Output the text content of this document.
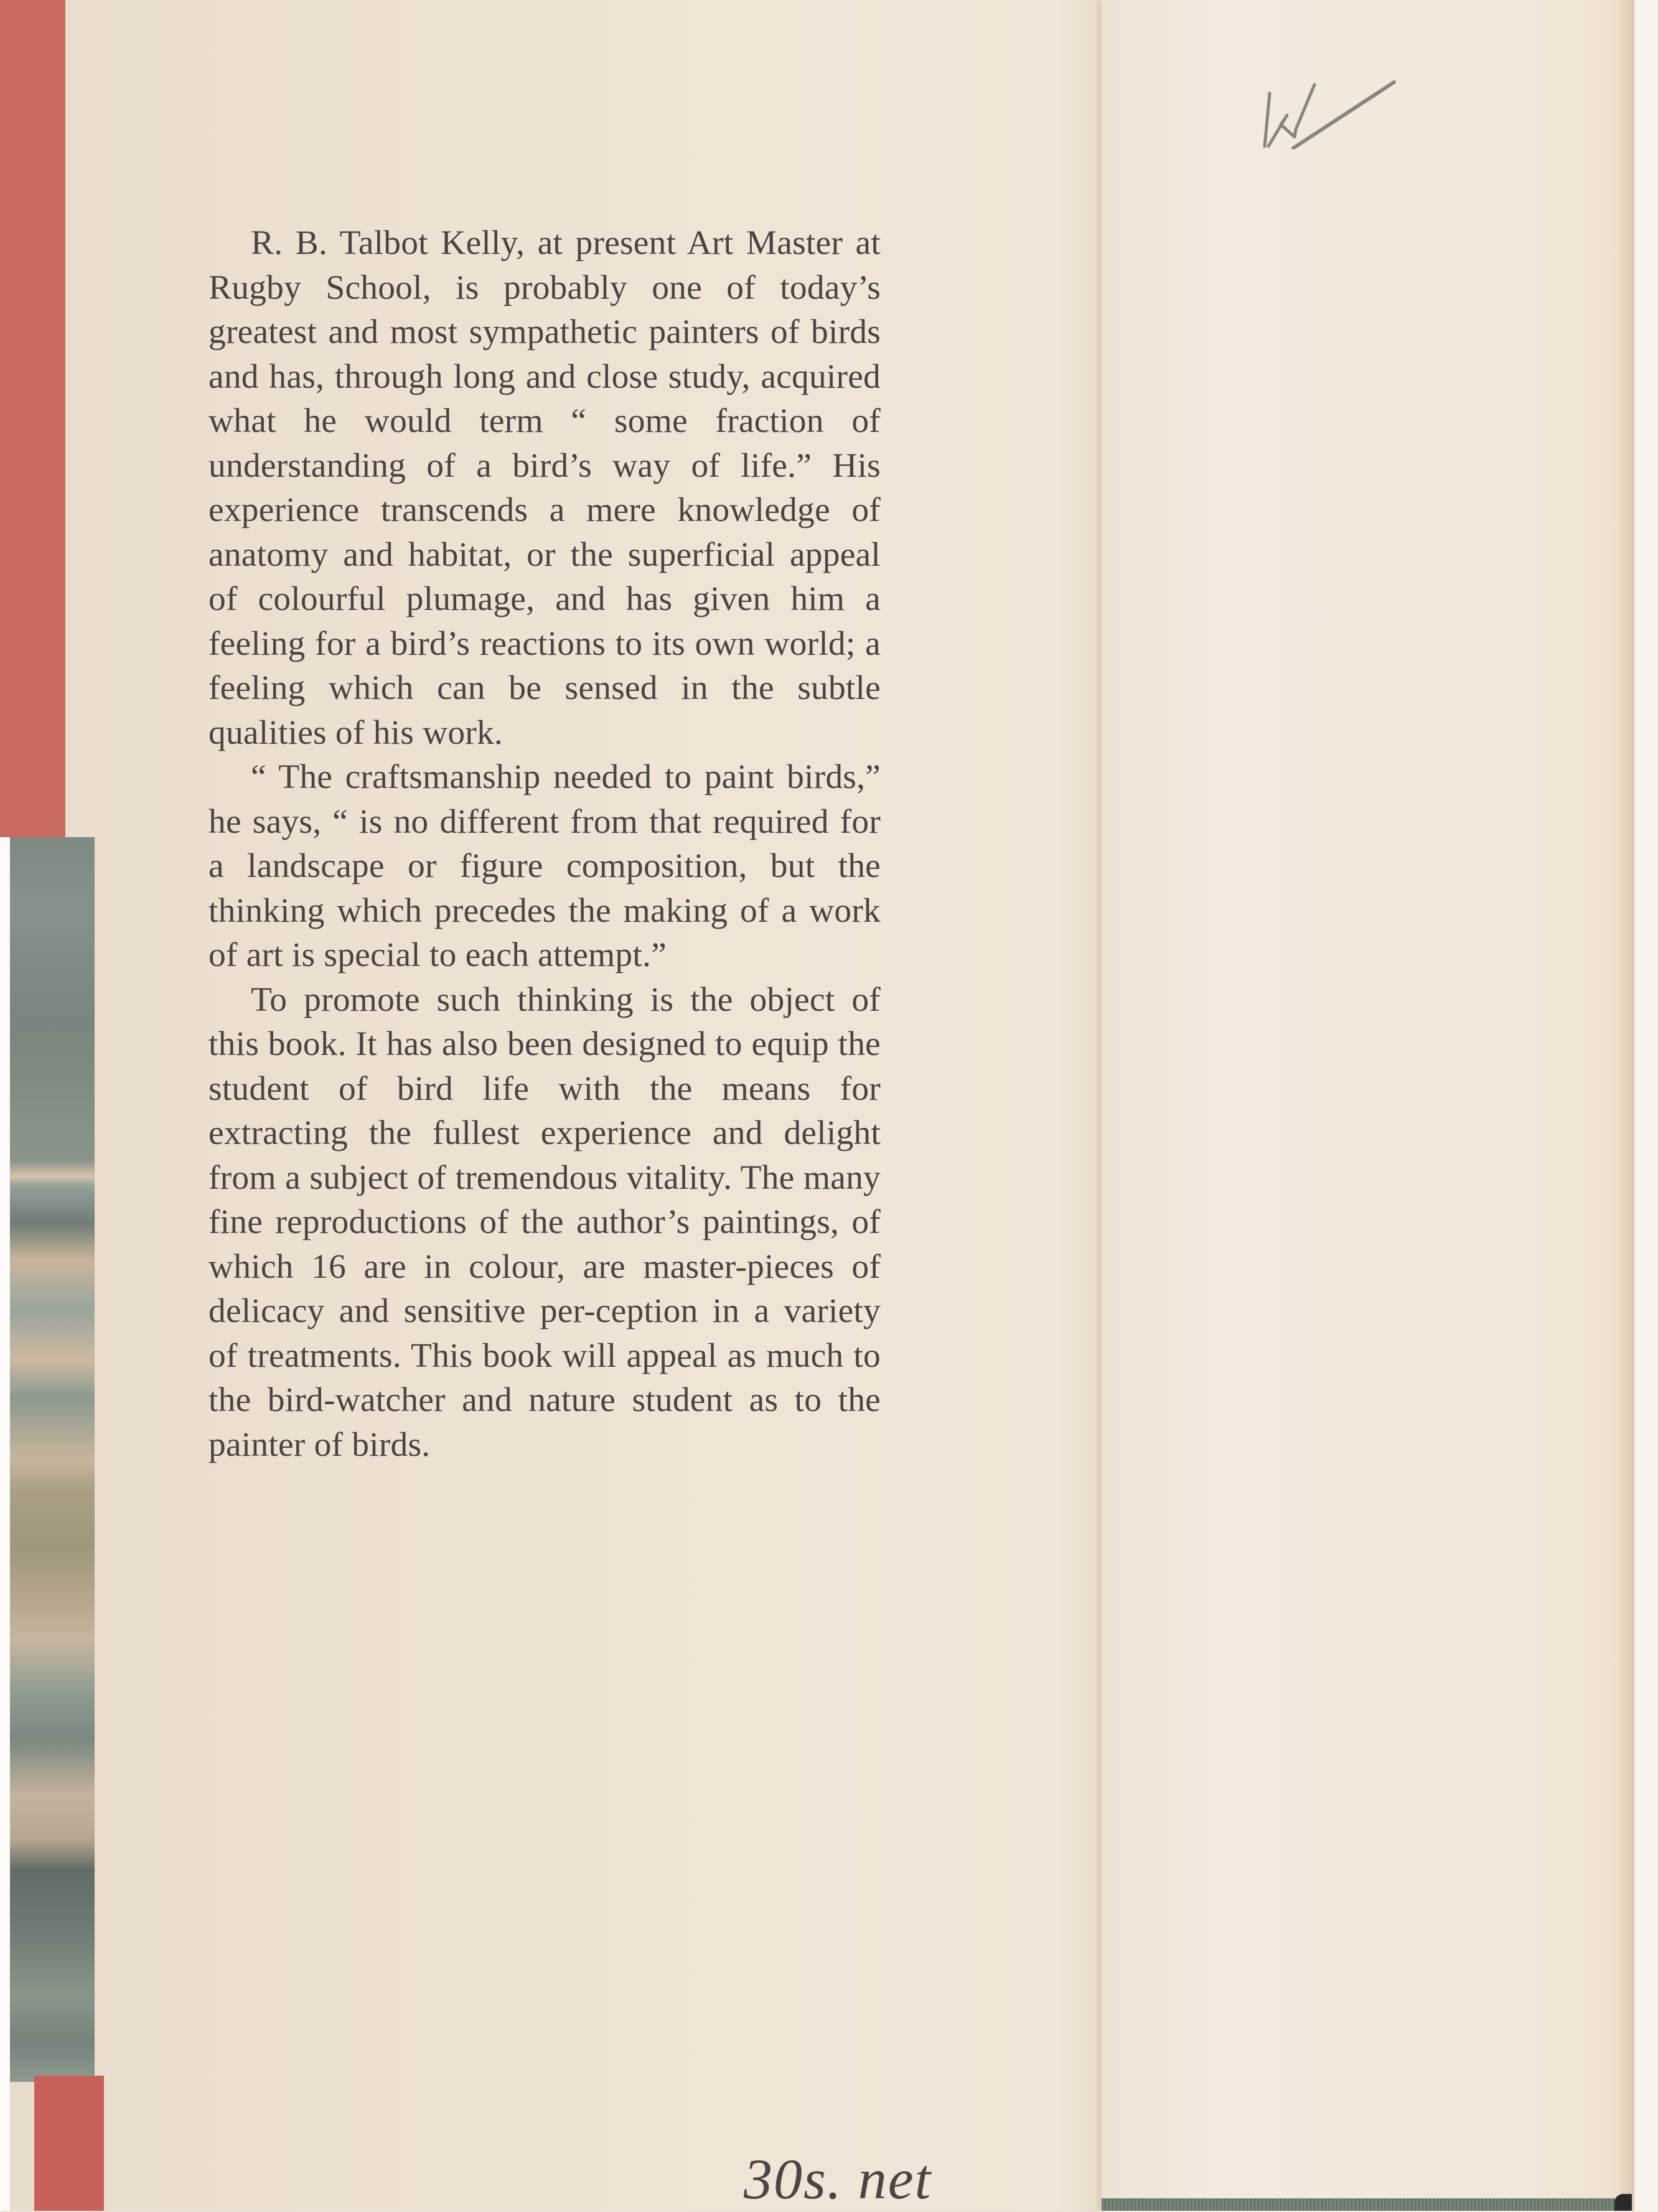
R. B. Talbot Kelly, at present Art Master at Rugby School, is probably one of today’s greatest and most sympathetic painters of birds and has, through long and close study, acquired what he would term “ some fraction of understanding of a bird’s way of life.” His experience transcends a mere knowledge of anatomy and habitat, or the superficial appeal of colourful plumage, and has given him a feeling for a bird’s reactions to its own world; a feeling which can be sensed in the subtle qualities of his work.

“ The craftsmanship needed to paint birds,” he says, “ is no different from that required for a landscape or figure composition, but the thinking which precedes the making of a work of art is special to each attempt.”

To promote such thinking is the object of this book. It has also been designed to equip the student of bird life with the means for extracting the fullest experience and delight from a subject of tremendous vitality. The many fine reproductions of the author’s paintings, of which 16 are in colour, are master-pieces of delicacy and sensitive per-ception in a variety of treatments. This book will appeal as much to the bird-watcher and nature student as to the painter of birds.

30s. net
